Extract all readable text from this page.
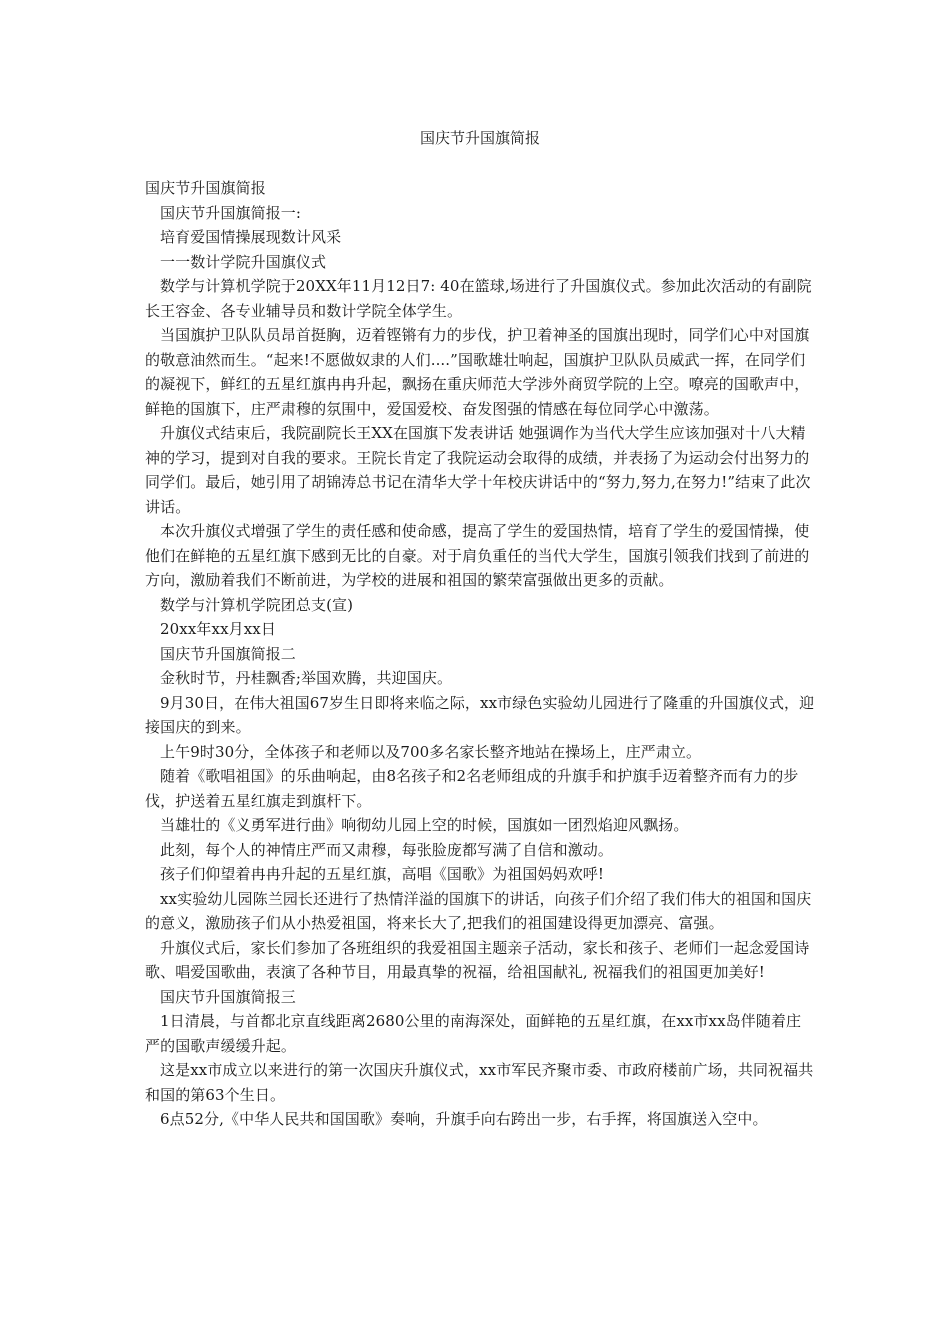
国庆节升国旗简报

国庆节升国旗简报

国庆节升国旗简报一:

培育爱国情操展现数计风采

一一数计学院升国旗仪式

数学与计算机学院于20XX年11月12日7: 40在篮球,场进行了升国旗仪式。参加此次活动的有副院长王容金、各专业辅导员和数计学院全体学生。

当国旗护卫队队员昂首挺胸，迈着铿锵有力的步伐，护卫着神圣的国旗出现时，同学们心中对国旗的敬意油然而生。“起来!不愿做奴隶的人们....”国歌雄壮响起，国旗护卫队队员威武一挥，在同学们的凝视下，鲜红的五星红旗冉冉升起，飘扬在重庆师范大学涉外商贸学院的上空。嘹亮的国歌声中，鲜艳的国旗下，庄严肃穆的氛围中，爱国爱校、奋发图强的情感在每位同学心中激荡。

升旗仪式结束后，我院副院长王XX在国旗下发表讲话 她强调作为当代大学生应该加强对十八大精神的学习，提到对自我的要求。王院长肯定了我院运动会取得的成绩，并表扬了为运动会付出努力的同学们。最后，她引用了胡锦涛总书记在清华大学十年校庆讲话中的“努力,努力,在努力!”结束了此次讲话。

本次升旗仪式增强了学生的责任感和使命感，提高了学生的爱国热情，培育了学生的爱国情操，使他们在鲜艳的五星红旗下感到无比的自豪。对于肩负重任的当代大学生，国旗引领我们找到了前进的方向，激励着我们不断前进，为学校的进展和祖国的繁荣富强做出更多的贡献。

数学与汁算机学院团总支(宣)

20xx年xx月xx日

国庆节升国旗简报二

金秋时节，丹桂飘香;举国欢腾，共迎国庆。

9月30日，在伟大祖国67岁生日即将来临之际，xx市绿色实验幼儿园进行了隆重的升国旗仪式，迎接国庆的到来。

上午9时30分，全体孩子和老师以及700多名家长整齐地站在操场上，庄严肃立。

随着《歌唱祖国》的乐曲响起，由8名孩子和2名老师组成的升旗手和护旗手迈着整齐而有力的步伐，护送着五星红旗走到旗杆下。

当雄壮的《义勇军进行曲》响彻幼儿园上空的时候，国旗如一团烈焰迎风飘扬。

此刻，每个人的神情庄严而又肃穆，每张脸庞都写满了自信和激动。

孩子们仰望着冉冉升起的五星红旗，高唱《国歌》为祖国妈妈欢呼!

xx实验幼儿园陈兰园长还进行了热情洋溢的国旗下的讲话，向孩子们介绍了我们伟大的祖国和国庆的意义，激励孩子们从小热爱祖国，将来长大了,把我们的祖国建设得更加漂亮、富强。

升旗仪式后，家长们参加了各班组织的我爱祖国主题亲子活动，家长和孩子、老师们一起念爱国诗歌、唱爱国歌曲，表演了各种节目，用最真挚的祝福，给祖国献礼, 祝福我们的祖国更加美好!

国庆节升国旗简报三

1日清晨，与首都北京直线距离2680公里的南海深处，面鲜艳的五星红旗，在xx市xx岛伴随着庄严的国歌声缓缓升起。

这是xx市成立以来进行的第一次国庆升旗仪式，xx市军民齐聚市委、市政府楼前广场，共同祝福共和国的第63个生日。

6点52分,《中华人民共和国国歌》奏响，升旗手向右跨出一步，右手挥，将国旗送入空中。
